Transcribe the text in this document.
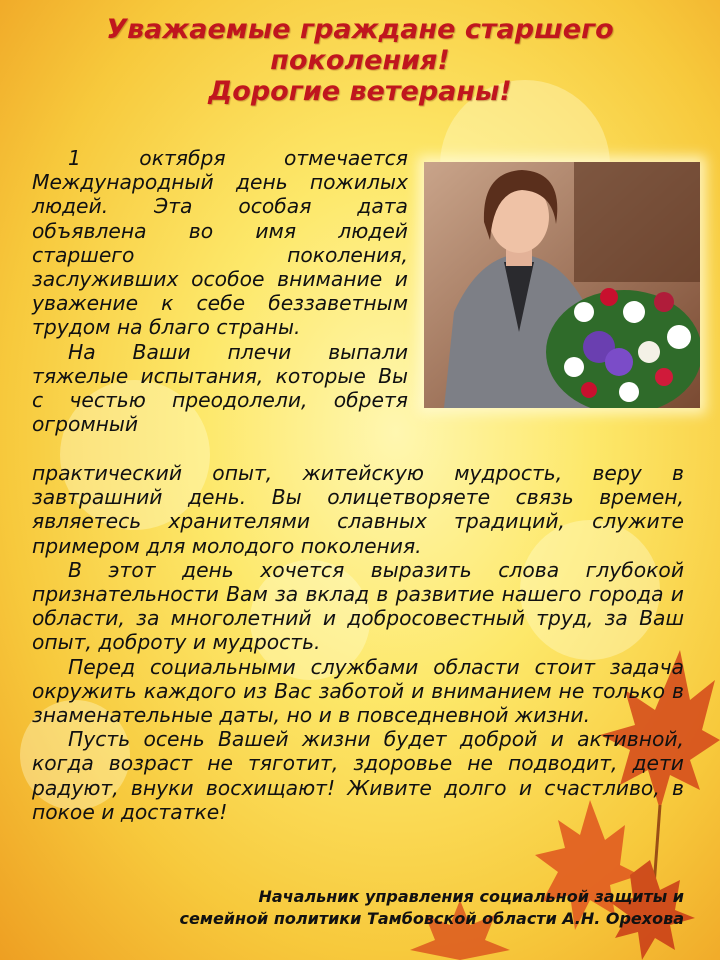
Уважаемые граждане старшего
поколения!
Дорогие ветераны!

1 октября отмечается Международный день пожилых людей. Эта особая дата объявлена во имя людей старшего поколения, заслуживших особое внимание и уважение к себе беззаветным трудом на благо страны.

На Ваши плечи выпали тяжелые испытания, которые Вы с честью преодолели, обретя огромный

практический опыт, житейскую мудрость, веру в завтрашний день. Вы олицетворяете связь времен, являетесь хранителями славных традиций, служите примером для молодого поколения.

В этот день хочется выразить слова глубокой признательности Вам за вклад в развитие нашего города и области, за многолетний и добросовестный труд, за Ваш опыт, доброту и мудрость.

Перед социальными службами области стоит задача окружить каждого из Вас заботой и вниманием не только в знаменательные даты, но и в повседневной жизни.

Пусть осень Вашей жизни будет доброй и активной, когда возраст не тяготит, здоровье не подводит, дети радуют, внуки восхищают! Живите долго и счастливо, в покое и достатке!

Начальник управления социальной защиты и
семейной политики Тамбовской области А.Н. Орехова
